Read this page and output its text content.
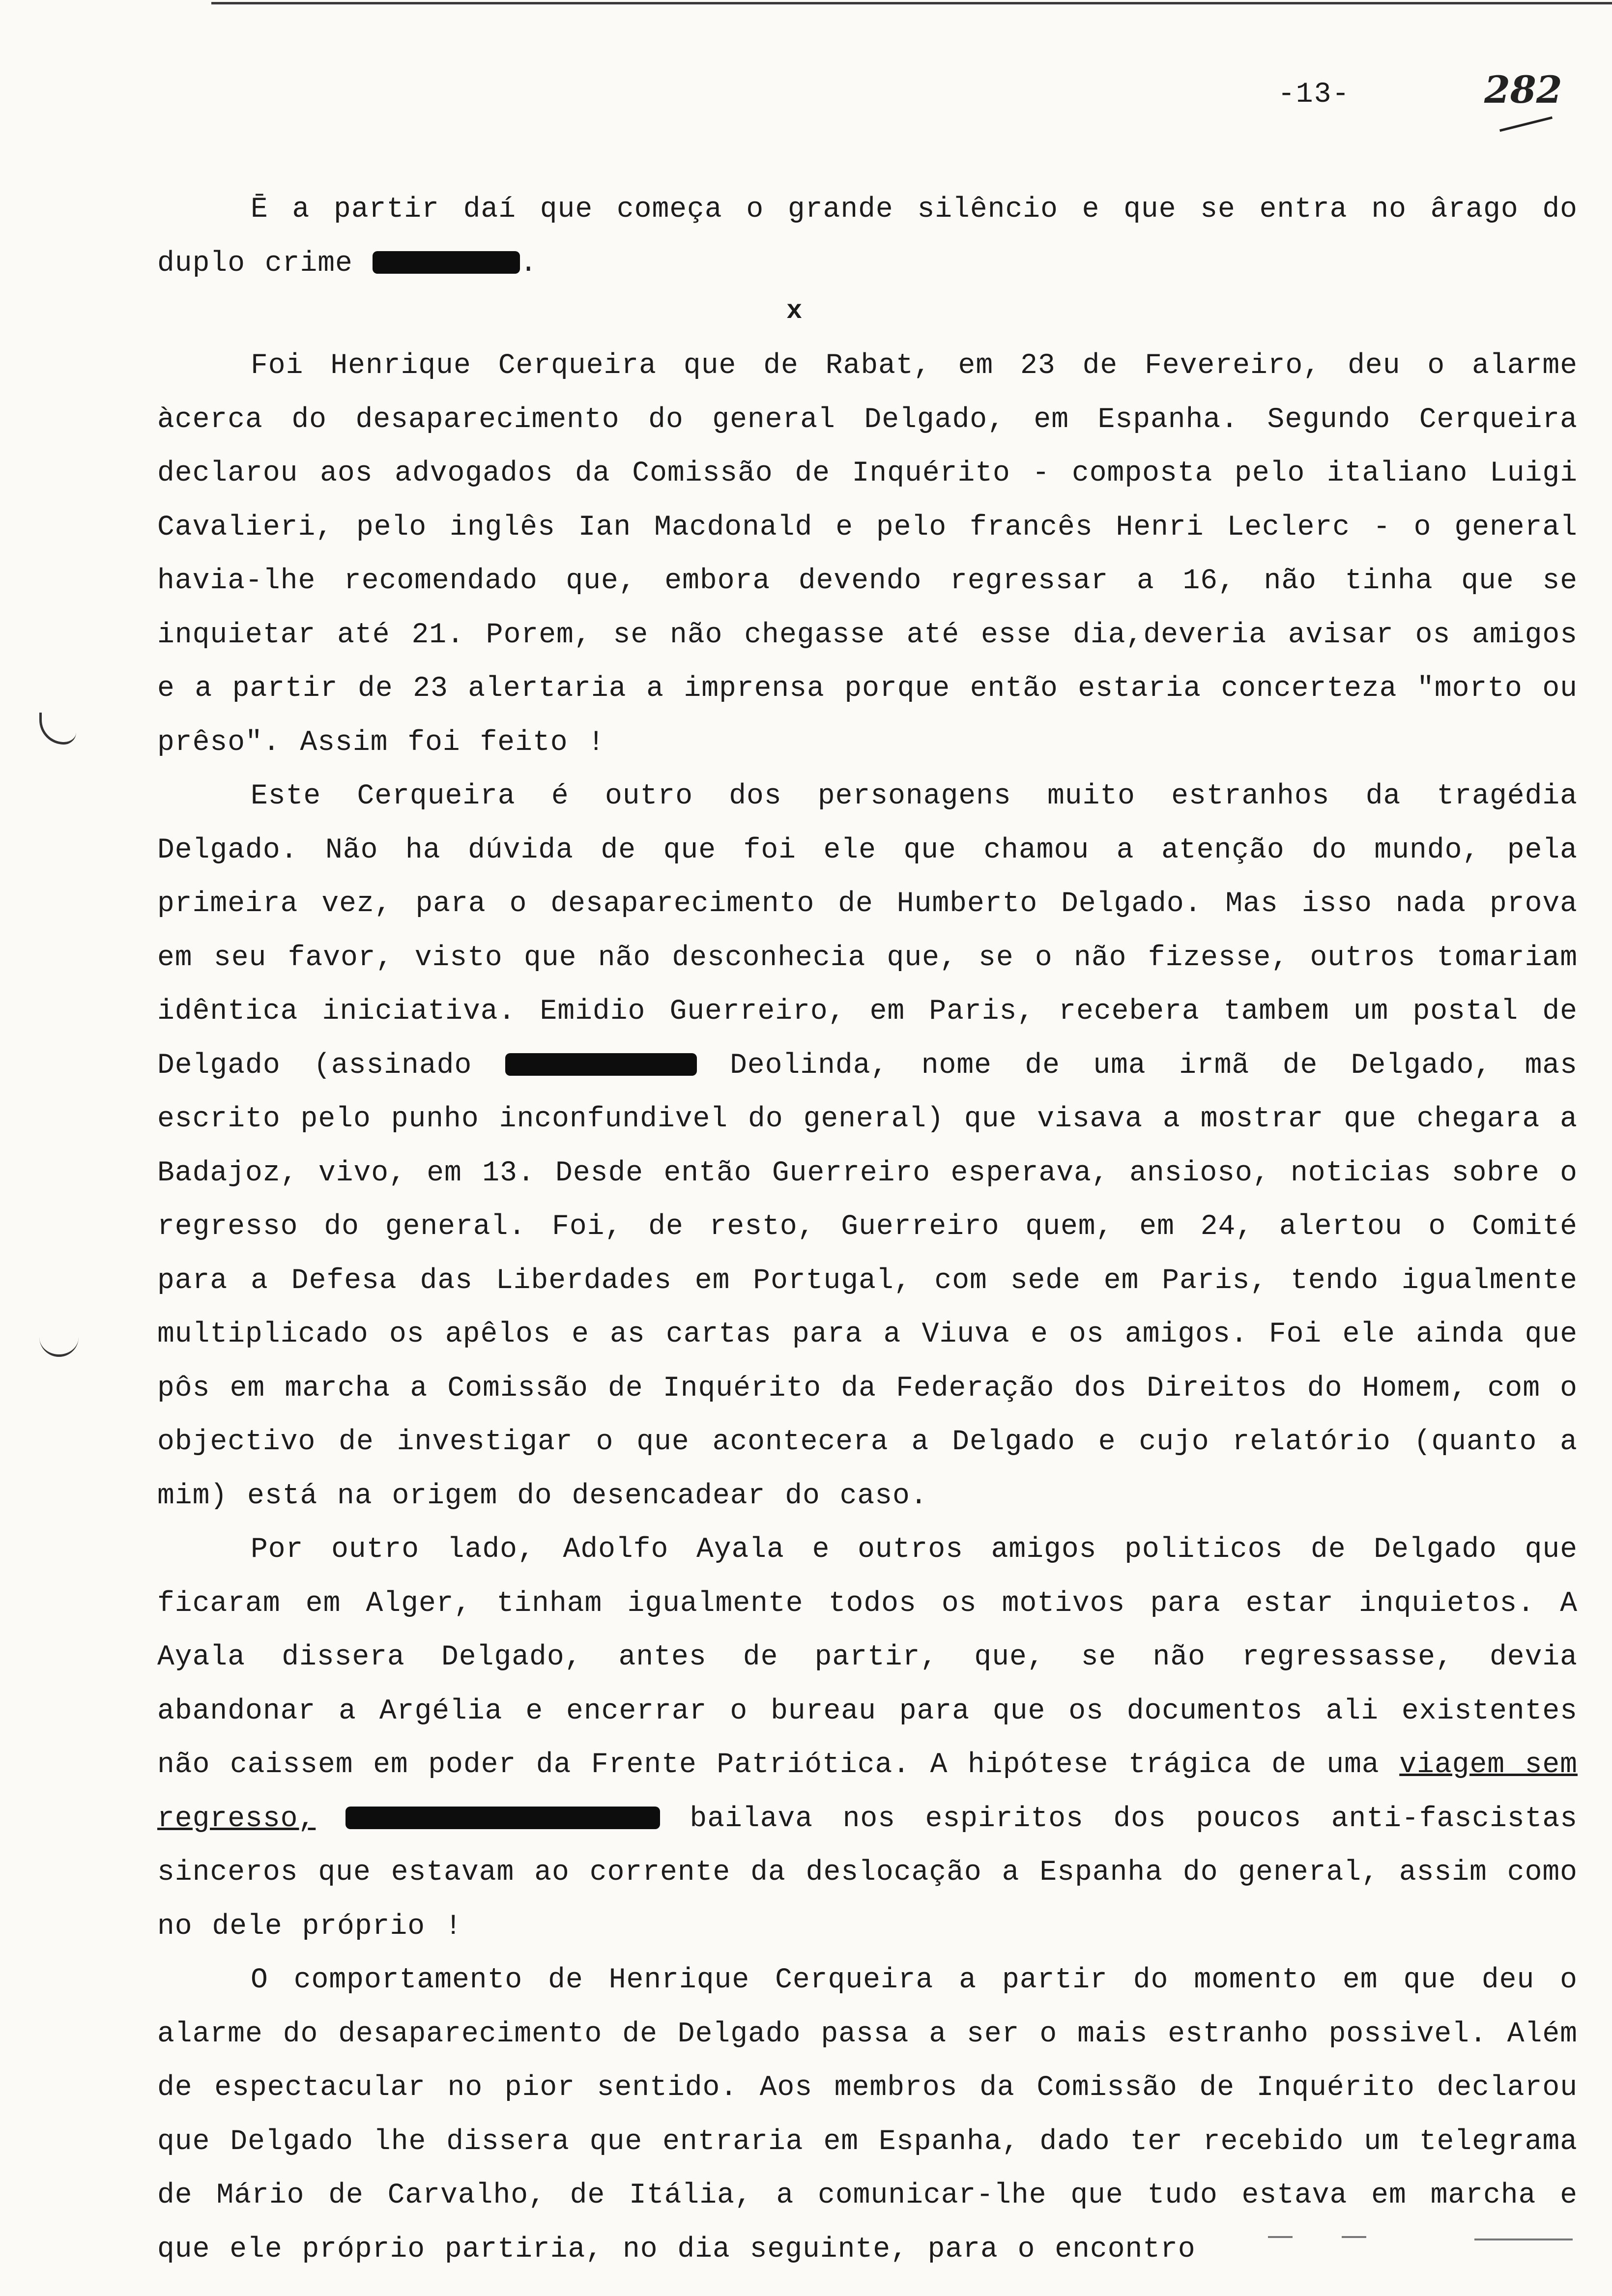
-13-	282

Ē a partir daí que começa o grande silêncio e que se entra no ârago do duplo crime	.

x

Foi Henrique Cerqueira que de Rabat, em 23 de Fevereiro, deu o alarme àcerca do desaparecimento do general Delgado, em Espanha. Segundo Cerqueira declarou aos advogados da Comissão de Inquérito - composta pelo italiano Luigi Cavalieri, pelo inglês Ian Macdonald e pelo francês Henri Leclerc - o general havia-lhe recomendado que, embora devendo regressar a 16, não tinha que se inquietar até 21. Porem, se não chegasse até esse dia,deveria avisar os amigos e a partir de 23 alertaria a imprensa porque então estaria concerteza "morto ou prêso". Assim foi feito !

Este Cerqueira é outro dos personagens muito estranhos da tragédia Delgado. Não ha dúvida de que foi ele que chamou a atenção do mundo, pela primeira vez, para o desaparecimento de Humberto Delgado. Mas isso nada prova em seu favor, visto que não desconhecia que, se o não fizesse, outros tomariam idêntica iniciativa. Emidio Guerreiro, em Paris, recebera tambem um postal de Delgado (assinado	Deolinda, nome de uma irmã de Delgado, mas escrito pelo punho inconfundivel do general) que visava a mostrar que chegara a Badajoz, vivo, em 13. Desde então Guerreiro esperava, ansioso, noticias sobre o regresso do general. Foi, de resto, Guerreiro quem, em 24, alertou o Comité para a Defesa das Liberdades em Portugal, com sede em Paris, tendo igualmente multiplicado os apêlos e as cartas para a Viuva e os amigos. Foi ele ainda que pôs em marcha a Comissão de Inquérito da Federação dos Direitos do Homem, com o objectivo de investigar o que acontecera a Delgado e cujo relatório (quanto a mim) está na origem do desencadear do caso.

Por outro lado, Adolfo Ayala e outros amigos politicos de Delgado que ficaram em Alger, tinham igualmente todos os motivos para estar inquietos. A Ayala dissera Delgado, antes de partir, que, se não regressasse, devia abandonar a Argélia e encerrar o bureau para que os documentos ali existentes não caissem em poder da Frente Patriótica. A hipótese trágica de uma viagem sem regresso,	bailava nos espiritos dos poucos anti-fascistas sinceros que estavam ao corrente da deslocação a Espanha do general, assim como no dele próprio !

O comportamento de Henrique Cerqueira a partir do momento em que deu o alarme do desaparecimento de Delgado passa a ser o mais estranho possivel. Além de espectacular no pior sentido. Aos membros da Comissão de Inquérito declarou que Delgado lhe dissera que entraria em Espanha, dado ter recebido um telegrama de Mário de Carvalho, de Itália, a comunicar-lhe que tudo estava em marcha e que ele próprio partiria, no dia seguinte, para o encontro
